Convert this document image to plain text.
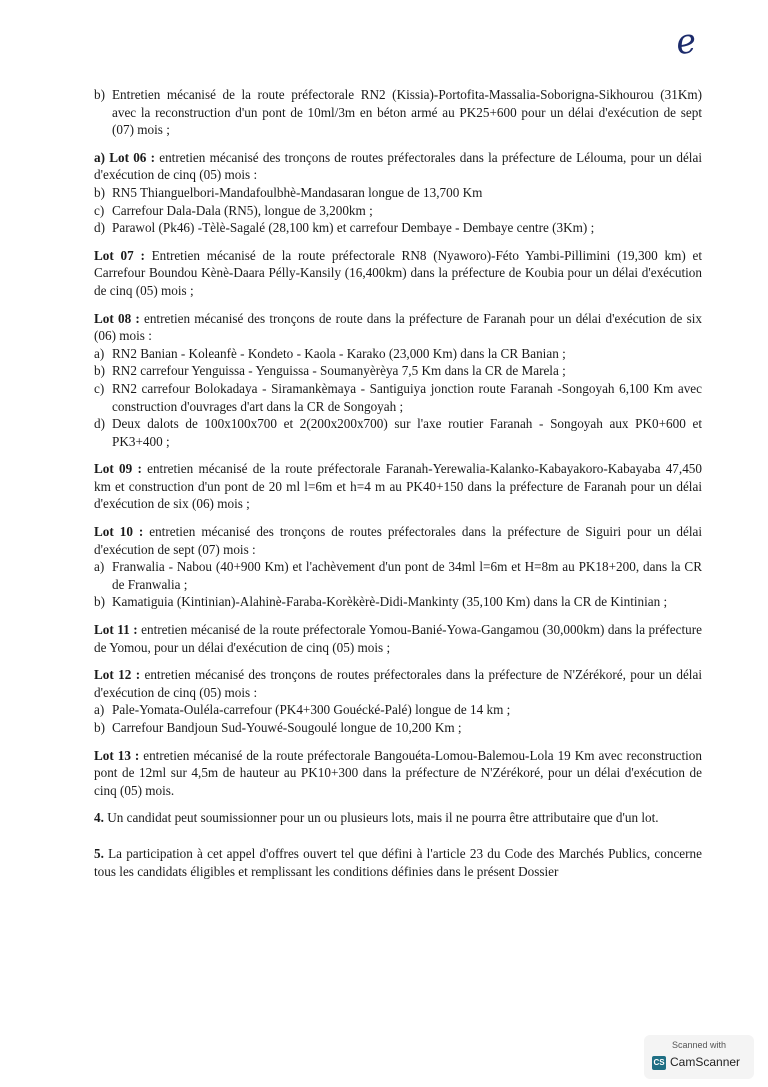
e
b) Entretien mécanisé de la route préfectorale RN2 (Kissia)-Portofita-Massalia-Soborigna-Sikhourou (31Km) avec la reconstruction d'un pont de 10ml/3m en béton armé au PK25+600 pour un délai d'exécution de sept (07) mois ;

a) Lot 06 : entretien mécanisé des tronçons de routes préfectorales dans la préfecture de Lélouma, pour un délai d'exécution de cinq (05) mois :

b) RN5 Thianguelbori-Mandafoulbhè-Mandasaran longue de 13,700 Km
c) Carrefour Dala-Dala (RN5), longue de 3,200km ;
d) Parawol (Pk46) -Tèlè-Sagalé (28,100 km) et carrefour Dembaye - Dembaye centre (3Km) ;

Lot 07 : Entretien mécanisé de la route préfectorale RN8 (Nyaworo)-Féto Yambi-Pillimini (19,300 km) et Carrefour Boundou Kènè-Daara Pélly-Kansily (16,400km) dans la préfecture de Koubia pour un délai d'exécution de cinq (05) mois ;

Lot 08 : entretien mécanisé des tronçons de route dans la préfecture de Faranah pour un délai d'exécution de six (06) mois :

a) RN2 Banian - Koleanfè - Kondeto - Kaola - Karako (23,000 Km) dans la CR Banian ;
b) RN2 carrefour Yenguissa - Yenguissa - Soumanyèrèya 7,5 Km dans la CR de Marela ;
c) RN2 carrefour Bolokadaya - Siramankèmaya - Santiguiya jonction route Faranah -Songoyah 6,100 Km avec construction d'ouvrages d'art dans la CR de Songoyah ;
d) Deux dalots de 100x100x700 et 2(200x200x700) sur l'axe routier Faranah - Songoyah aux PK0+600 et PK3+400 ;

Lot 09 : entretien mécanisé de la route préfectorale Faranah-Yerewalia-Kalanko-Kabayakoro-Kabayaba 47,450 km et construction d'un pont de 20 ml l=6m et h=4 m au PK40+150 dans la préfecture de Faranah pour un délai d'exécution de six (06) mois ;

Lot 10 : entretien mécanisé des tronçons de routes préfectorales dans la préfecture de Siguiri pour un délai d'exécution de sept (07) mois :

a) Franwalia - Nabou (40+900 Km) et l'achèvement d'un pont de 34ml l=6m et H=8m au PK18+200, dans la CR de Franwalia ;
b) Kamatiguia (Kintinian)-Alahinè-Faraba-Korèkèrè-Didi-Mankinty (35,100 Km) dans la CR de Kintinian ;

Lot 11 : entretien mécanisé de la route préfectorale Yomou-Banié-Yowa-Gangamou (30,000km) dans la préfecture de Yomou, pour un délai d'exécution de cinq (05) mois ;

Lot 12 : entretien mécanisé des tronçons de routes préfectorales dans la préfecture de N'Zérékoré, pour un délai d'exécution de cinq (05) mois :

a) Pale-Yomata-Ouléla-carrefour (PK4+300 Gouécké-Palé) longue de 14 km ;
b) Carrefour Bandjoun Sud-Youwé-Sougoulé longue de 10,200 Km ;

Lot 13 : entretien mécanisé de la route préfectorale Bangouéta-Lomou-Balemou-Lola 19 Km avec reconstruction pont de 12ml sur 4,5m de hauteur au PK10+300 dans la préfecture de N'Zérékoré, pour un délai d'exécution de cinq (05) mois.

4. Un candidat peut soumissionner pour un ou plusieurs lots, mais il ne pourra être attributaire que d'un lot.

5. La participation à cet appel d'offres ouvert tel que défini à l'article 23 du Code des Marchés Publics, concerne tous les candidats éligibles et remplissant les conditions définies dans le présent Dossier

Scanned with
CS CamScanner
